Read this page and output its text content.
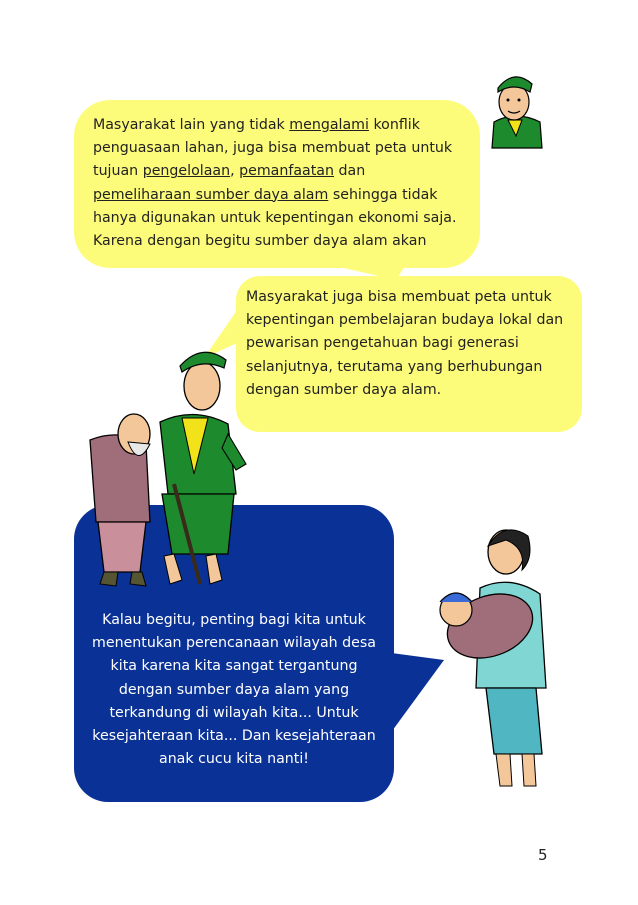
Masyarakat lain yang tidak mengalami konflik penguasaan lahan, juga bisa membuat peta untuk tujuan pengelolaan, pemanfaatan dan pemeliharaan sumber daya alam sehingga tidak hanya digunakan untuk kepentingan ekonomi saja. Karena dengan begitu sumber daya alam akan
Masyarakat juga bisa membuat peta untuk kepentingan pembelajaran budaya lokal dan pewarisan pengetahuan bagi generasi selanjutnya, terutama yang berhubungan dengan sumber daya alam.
Kalau begitu, penting bagi kita untuk menentukan perencanaan wilayah desa kita karena kita sangat tergantung dengan sumber daya alam yang terkandung di wilayah kita... Untuk kesejahteraan kita... Dan kesejahteraan anak cucu kita nanti!
5
